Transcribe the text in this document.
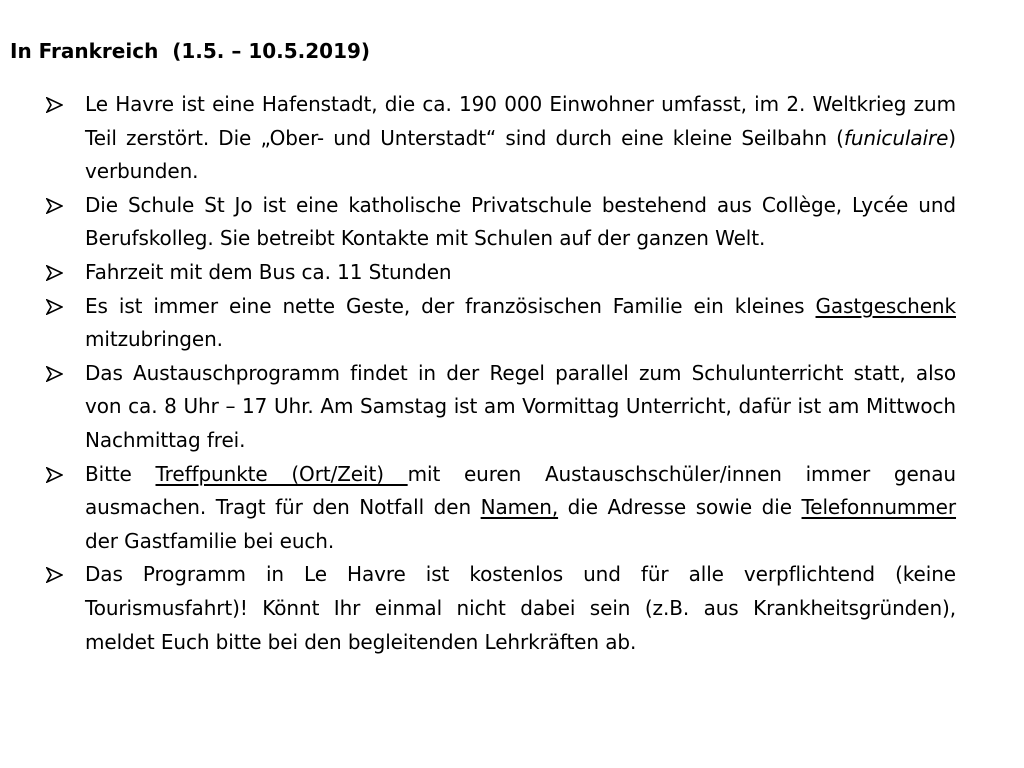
In Frankreich  (1.5. – 10.5.2019)

Le Havre ist eine Hafenstadt, die ca. 190 000 Einwohner umfasst, im 2. Weltkrieg zum Teil zerstört. Die „Ober- und Unterstadt“ sind durch eine kleine Seilbahn (funiculaire) verbunden.

Die Schule St Jo ist eine katholische Privatschule bestehend aus Collège, Lycée und Berufskolleg. Sie betreibt Kontakte mit Schulen auf der ganzen Welt.

Fahrzeit mit dem Bus ca. 11 Stunden

Es ist immer eine nette Geste, der französischen Familie ein kleines Gastgeschenk mitzubringen.

Das Austauschprogramm findet in der Regel parallel zum Schulunterricht statt, also von ca. 8 Uhr – 17 Uhr. Am Samstag ist am Vormittag Unterricht, dafür ist am Mittwoch Nachmittag frei.

Bitte Treffpunkte (Ort/Zeit) mit euren Austauschschüler/innen immer genau ausmachen. Tragt für den Notfall den Namen, die Adresse sowie die Telefonnummer der Gastfamilie bei euch.

Das Programm in Le Havre ist kostenlos und für alle verpflichtend (keine Tourismusfahrt)! Könnt Ihr einmal nicht dabei sein (z.B. aus Krankheitsgründen), meldet Euch bitte bei den begleitenden Lehrkräften ab.
